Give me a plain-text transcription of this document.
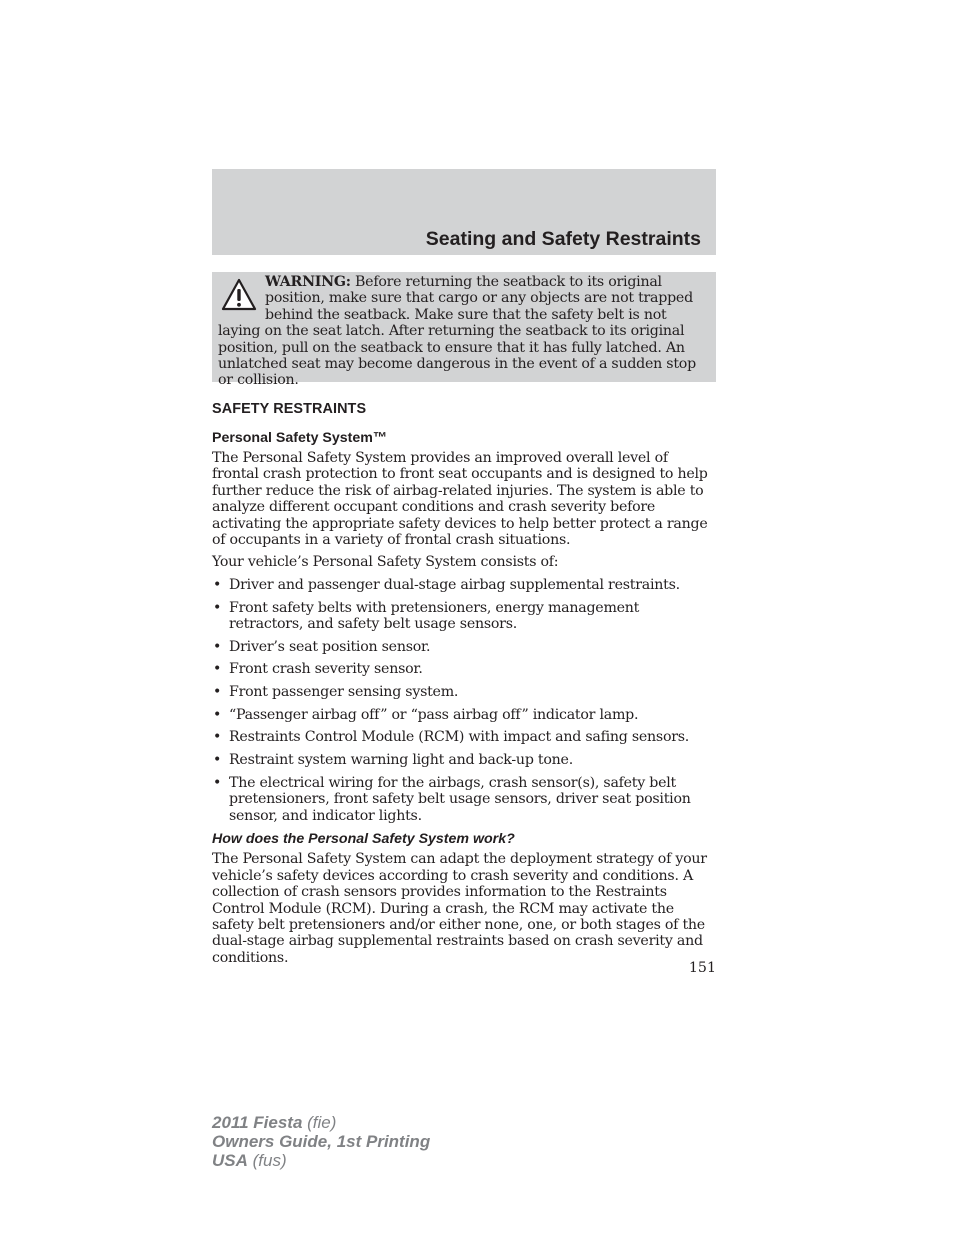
Seating and Safety Restraints

WARNING: Before returning the seatback to its original position, make sure that cargo or any objects are not trapped behind the seatback. Make sure that the safety belt is not laying on the seat latch. After returning the seatback to its original position, pull on the seatback to ensure that it has fully latched. An unlatched seat may become dangerous in the event of a sudden stop or collision.

SAFETY RESTRAINTS
Personal Safety System™

The Personal Safety System provides an improved overall level of frontal crash protection to front seat occupants and is designed to help further reduce the risk of airbag-related injuries. The system is able to analyze different occupant conditions and crash severity before activating the appropriate safety devices to help better protect a range of occupants in a variety of frontal crash situations.

Your vehicle’s Personal Safety System consists of:

• Driver and passenger dual-stage airbag supplemental restraints.
• Front safety belts with pretensioners, energy management retractors, and safety belt usage sensors.
• Driver’s seat position sensor.
• Front crash severity sensor.
• Front passenger sensing system.
• “Passenger airbag off” or “pass airbag off” indicator lamp.
• Restraints Control Module (RCM) with impact and safing sensors.
• Restraint system warning light and back-up tone.
• The electrical wiring for the airbags, crash sensor(s), safety belt pretensioners, front safety belt usage sensors, driver seat position sensor, and indicator lights.
How does the Personal Safety System work?

The Personal Safety System can adapt the deployment strategy of your vehicle’s safety devices according to crash severity and conditions. A collection of crash sensors provides information to the Restraints Control Module (RCM). During a crash, the RCM may activate the safety belt pretensioners and/or either none, one, or both stages of the dual-stage airbag supplemental restraints based on crash severity and conditions.

151

2011 Fiesta (fie)

Owners Guide, 1st Printing

USA (fus)
